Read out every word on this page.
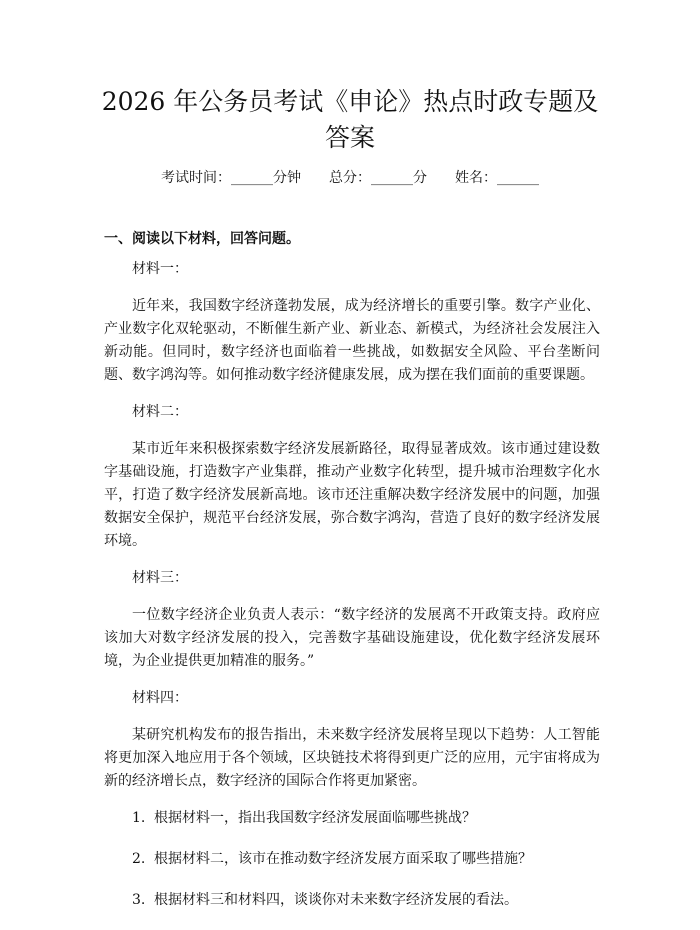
2026 年公务员考试《申论》热点时政专题及答案
考试时间：______分钟 总分：______分 姓名：______
一、阅读以下材料，回答问题。

材料一：

近年来，我国数字经济蓬勃发展，成为经济增长的重要引擎。数字产业化、产业数字化双轮驱动，不断催生新产业、新业态、新模式，为经济社会发展注入新动能。但同时，数字经济也面临着一些挑战，如数据安全风险、平台垄断问题、数字鸿沟等。如何推动数字经济健康发展，成为摆在我们面前的重要课题。

材料二：

某市近年来积极探索数字经济发展新路径，取得显著成效。该市通过建设数字基础设施，打造数字产业集群，推动产业数字化转型，提升城市治理数字化水平，打造了数字经济发展新高地。该市还注重解决数字经济发展中的问题，加强数据安全保护，规范平台经济发展，弥合数字鸿沟，营造了良好的数字经济发展环境。

材料三：

一位数字经济企业负责人表示：“数字经济的发展离不开政策支持。政府应该加大对数字经济发展的投入，完善数字基础设施建设，优化数字经济发展环境，为企业提供更加精准的服务。”

材料四：

某研究机构发布的报告指出，未来数字经济发展将呈现以下趋势：人工智能将更加深入地应用于各个领域，区块链技术将得到更广泛的应用，元宇宙将成为新的经济增长点，数字经济的国际合作将更加紧密。

1. 根据材料一，指出我国数字经济发展面临哪些挑战？

2. 根据材料二，该市在推动数字经济发展方面采取了哪些措施？

3. 根据材料三和材料四，谈谈你对未来数字经济发展的看法。
